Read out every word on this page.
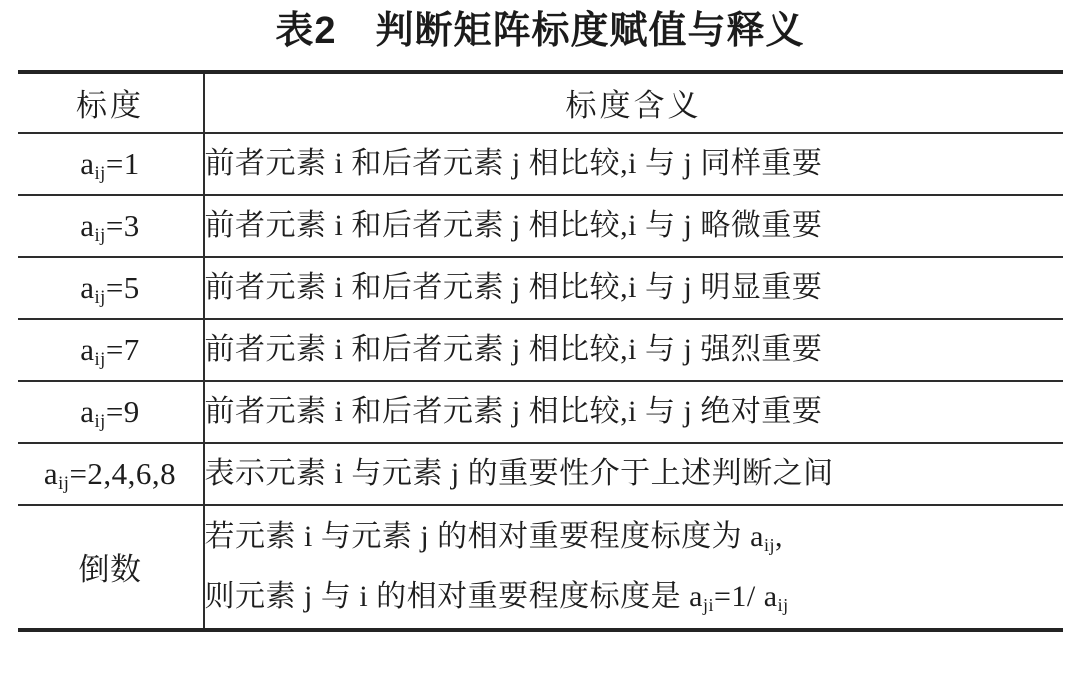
表2　判断矩阵标度赋值与释义
标度	标度含义
$a_{ij}=1$	前者元素 i 和后者元素 j 相比较,i 与 j 同样重要

$a_{ij}=3$	前者元素 i 和后者元素 j 相比较,i 与 j 略微重要

$a_{ij}=5$	前者元素 i 和后者元素 j 相比较,i 与 j 明显重要

$a_{ij}=7$	前者元素 i 和后者元素 j 相比较,i 与 j 强烈重要

$a_{ij}=9$	前者元素 i 和后者元素 j 相比较,i 与 j 绝对重要

$a_{ij}=2,4,6,8$	表示元素 i 与元素 j 的重要性介于上述判断之间

倒数	若元素 i 与元素 j 的相对重要程度标度为 $a_{ij}$,
则元素 j 与 i 的相对重要程度标度是 $a_{ji}=1/$ $a_{ij}$
